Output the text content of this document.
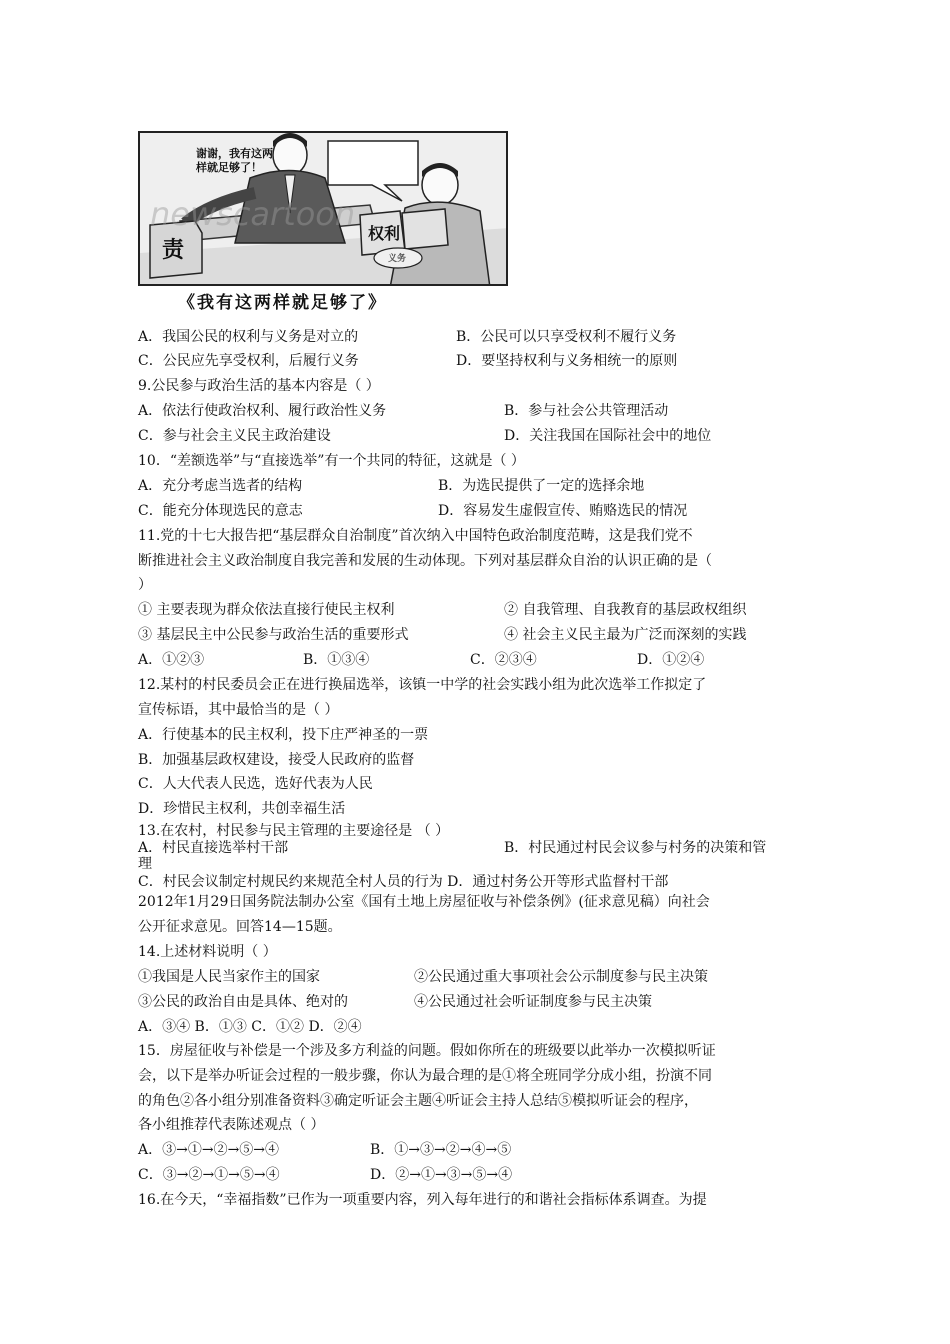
newscartoon
谢谢，我有这两样就足够了！
责
权利
义务
《我有这两样就足够了》
A．我国公民的权利与义务是对立的	B．公民可以只享受权利不履行义务
C．公民应先享受权利，后履行义务	D．要坚持权利与义务相统一的原则
9.公民参与政治生活的基本内容是（ ）
A．依法行使政治权利、履行政治性义务	B．参与社会公共管理活动
C．参与社会主义民主政治建设	D．关注我国在国际社会中的地位
10．“差额选举”与“直接选举”有一个共同的特征，这就是（ ）
A．充分考虑当选者的结构	B．为选民提供了一定的选择余地
C．能充分体现选民的意志	D．容易发生虚假宣传、贿赂选民的情况
11.党的十七大报告把“基层群众自治制度”首次纳入中国特色政治制度范畴，这是我们党不
断推进社会主义政治制度自我完善和发展的生动体现。下列对基层群众自治的认识正确的是（
）
① 主要表现为群众依法直接行使民主权利	② 自我管理、自我教育的基层政权组织
③ 基层民主中公民参与政治生活的重要形式	④ 社会主义民主最为广泛而深刻的实践
A．①②③	B．①③④	C．②③④	D．①②④
12.某村的村民委员会正在进行换届选举，该镇一中学的社会实践小组为此次选举工作拟定了
宣传标语，其中最恰当的是（ ）
A．行使基本的民主权利，投下庄严神圣的一票
B．加强基层政权建设，接受人民政府的监督
C．人大代表人民选，选好代表为人民
D．珍惜民主权利，共创幸福生活
13.在农村，村民参与民主管理的主要途径是 （ ）
A．村民直接选举村干部	B．村民通过村民会议参与村务的决策和管
理
C．村民会议制定村规民约来规范全村人员的行为 D．通过村务公开等形式监督村干部
2012年1月29日国务院法制办公室《国有土地上房屋征收与补偿条例》(征求意见稿）向社会
公开征求意见。回答14—15题。
14.上述材料说明（ ）
①我国是人民当家作主的国家	②公民通过重大事项社会公示制度参与民主决策
③公民的政治自由是具体、绝对的	④公民通过社会听证制度参与民主决策
A．③④ B．①③ C．①② D．②④
15．房屋征收与补偿是一个涉及多方利益的问题。假如你所在的班级要以此举办一次模拟听证
会，以下是举办听证会过程的一般步骤，你认为最合理的是①将全班同学分成小组，扮演不同
的角色②各小组分别准备资料③确定听证会主题④听证会主持人总结⑤模拟听证会的程序，
各小组推荐代表陈述观点（ ）
A．③→①→②→⑤→④	B．①→③→②→④→⑤
C．③→②→①→⑤→④	D．②→①→③→⑤→④
16.在今天，“幸福指数”已作为一项重要内容，列入每年进行的和谐社会指标体系调查。为提
